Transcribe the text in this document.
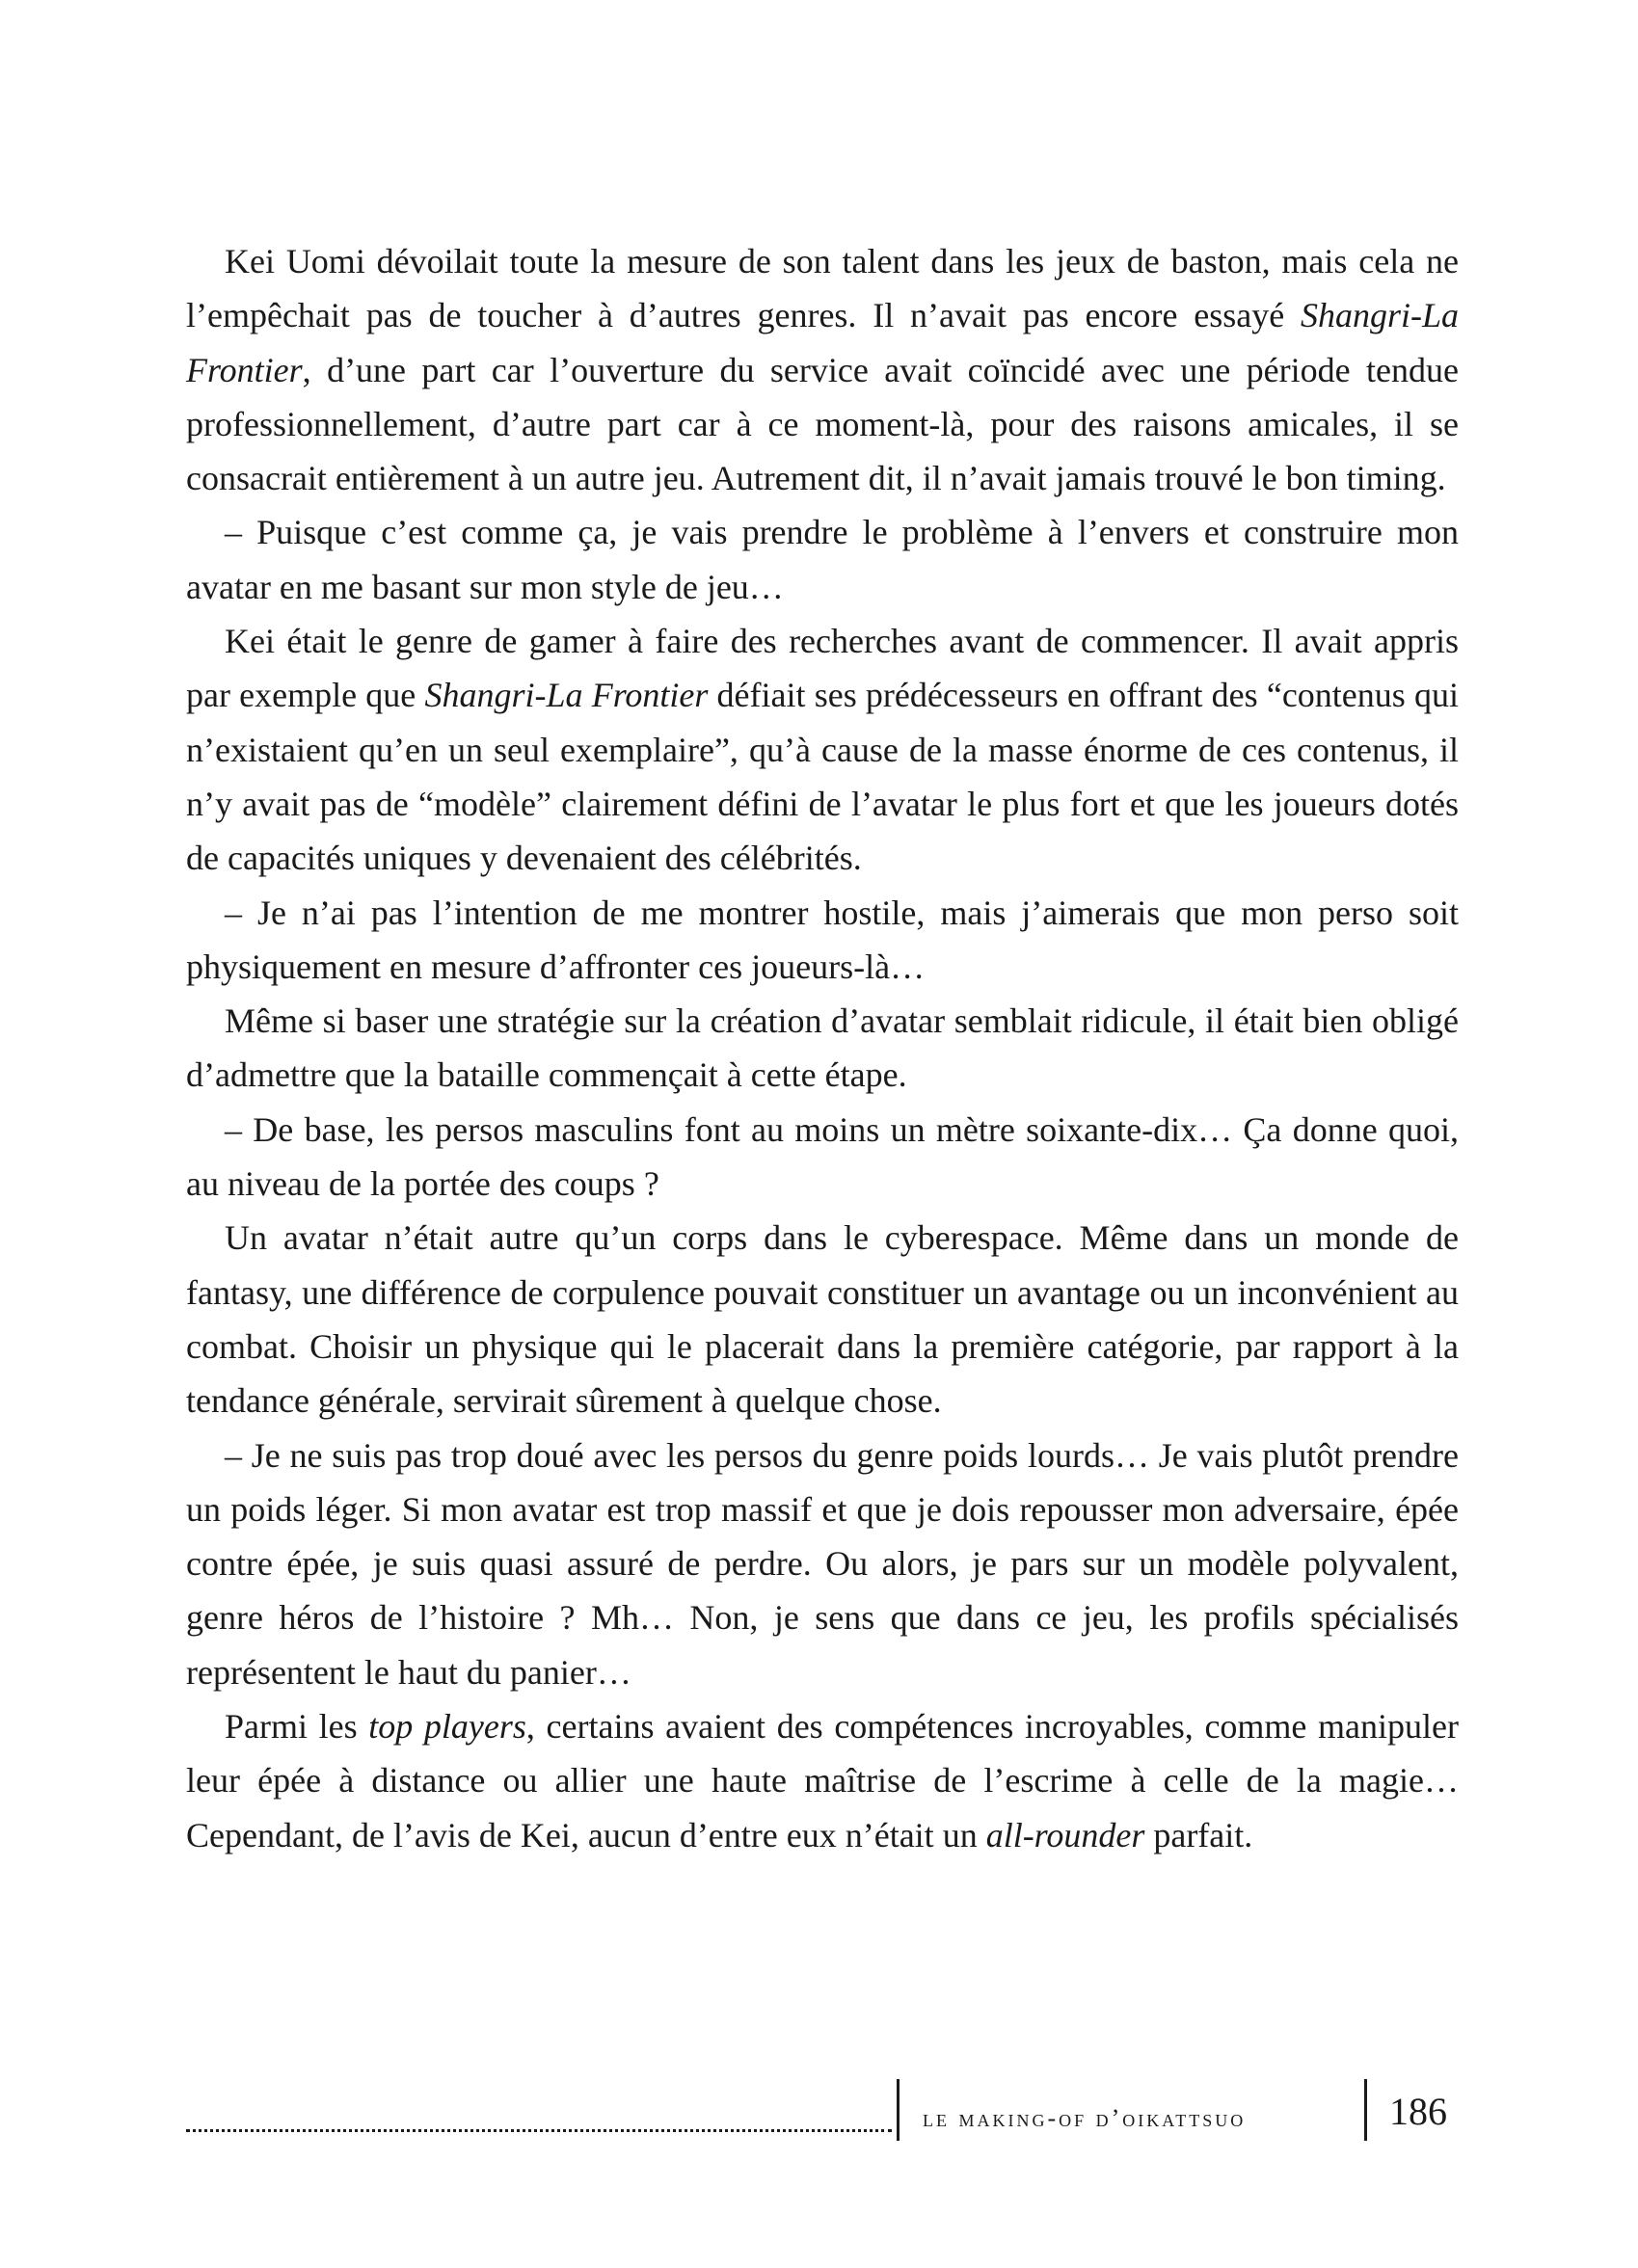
Kei Uomi dévoilait toute la mesure de son talent dans les jeux de baston, mais cela ne l’empêchait pas de toucher à d’autres genres. Il n’avait pas encore essayé Shangri-La Frontier, d’une part car l’ouverture du service avait coïncidé avec une période tendue professionnellement, d’autre part car à ce moment-là, pour des raisons amicales, il se consacrait entièrement à un autre jeu. Autrement dit, il n’avait jamais trouvé le bon timing.

– Puisque c’est comme ça, je vais prendre le problème à l’envers et construire mon avatar en me basant sur mon style de jeu…

Kei était le genre de gamer à faire des recherches avant de commencer. Il avait appris par exemple que Shangri-La Frontier défiait ses prédécesseurs en offrant des “contenus qui n’existaient qu’en un seul exemplaire”, qu’à cause de la masse énorme de ces contenus, il n’y avait pas de “modèle” clairement défini de l’avatar le plus fort et que les joueurs dotés de capacités uniques y devenaient des célébrités.

– Je n’ai pas l’intention de me montrer hostile, mais j’aimerais que mon perso soit physiquement en mesure d’affronter ces joueurs-là…

Même si baser une stratégie sur la création d’avatar semblait ridicule, il était bien obligé d’admettre que la bataille commençait à cette étape.

– De base, les persos masculins font au moins un mètre soixante-dix… Ça donne quoi, au niveau de la portée des coups ?

Un avatar n’était autre qu’un corps dans le cyberespace. Même dans un monde de fantasy, une différence de corpulence pouvait constituer un avantage ou un inconvénient au combat. Choisir un physique qui le placerait dans la première catégorie, par rapport à la tendance générale, servirait sûrement à quelque chose.

– Je ne suis pas trop doué avec les persos du genre poids lourds… Je vais plutôt prendre un poids léger. Si mon avatar est trop massif et que je dois repousser mon adversaire, épée contre épée, je suis quasi assuré de perdre. Ou alors, je pars sur un modèle polyvalent, genre héros de l’histoire ? Mh… Non, je sens que dans ce jeu, les profils spécialisés représentent le haut du panier…

Parmi les top players, certains avaient des compétences incroyables, comme manipuler leur épée à distance ou allier une haute maîtrise de l’escrime à celle de la magie… Cependant, de l’avis de Kei, aucun d’entre eux n’était un all-rounder parfait.

le making-of d’oikattsuo	186
